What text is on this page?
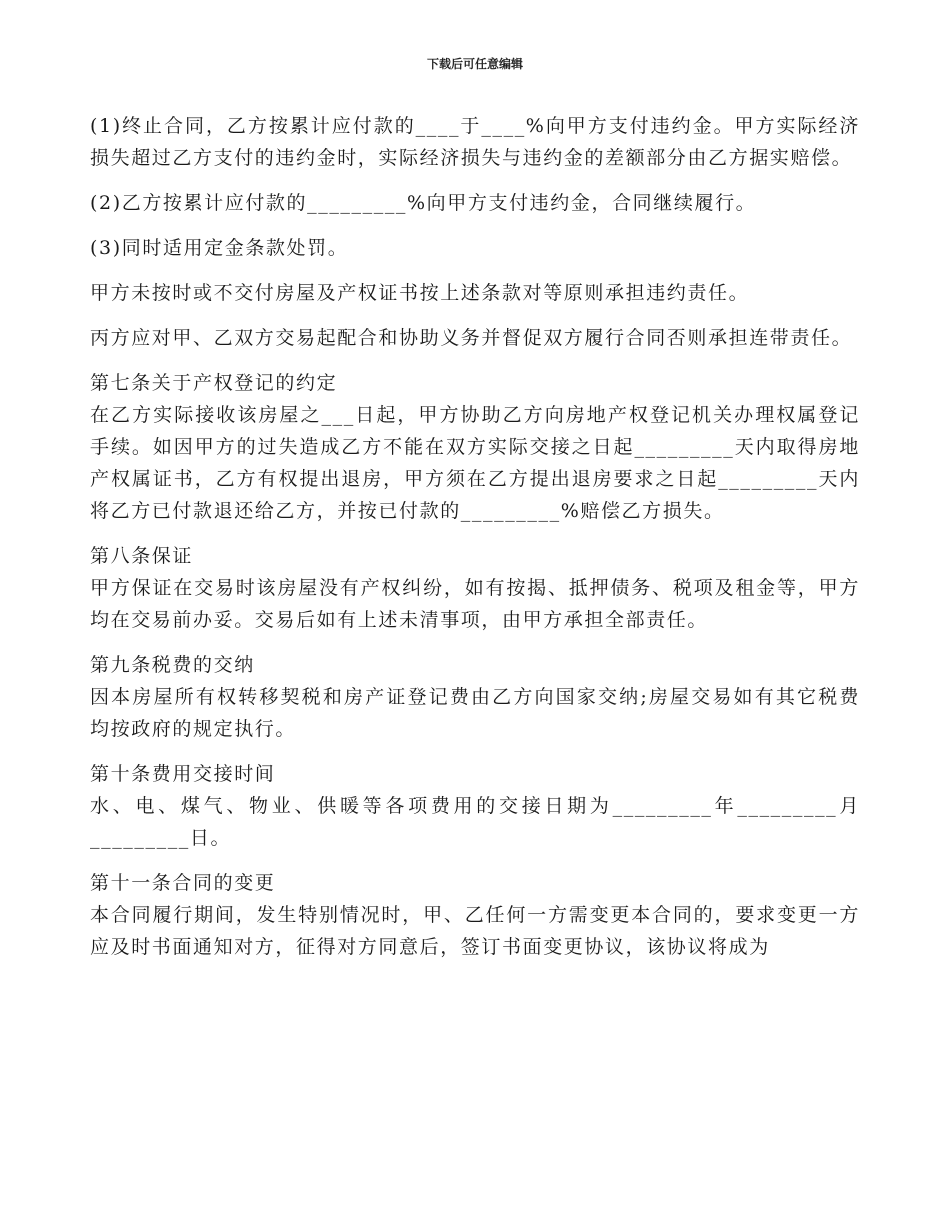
下载后可任意编辑

(1)终止合同，乙方按累计应付款的____于____%向甲方支付违约金。甲方实际经济损失超过乙方支付的违约金时，实际经济损失与违约金的差额部分由乙方据实赔偿。

(2)乙方按累计应付款的_________%向甲方支付违约金，合同继续履行。

(3)同时适用定金条款处罚。

甲方未按时或不交付房屋及产权证书按上述条款对等原则承担违约责任。

丙方应对甲、乙双方交易起配合和协助义务并督促双方履行合同否则承担连带责任。

第七条关于产权登记的约定

在乙方实际接收该房屋之___日起，甲方协助乙方向房地产权登记机关办理权属登记手续。如因甲方的过失造成乙方不能在双方实际交接之日起_________天内取得房地产权属证书，乙方有权提出退房，甲方须在乙方提出退房要求之日起_________天内将乙方已付款退还给乙方，并按已付款的_________%赔偿乙方损失。

第八条保证

甲方保证在交易时该房屋没有产权纠纷，如有按揭、抵押债务、税项及租金等，甲方均在交易前办妥。交易后如有上述未清事项，由甲方承担全部责任。

第九条税费的交纳

因本房屋所有权转移契税和房产证登记费由乙方向国家交纳;房屋交易如有其它税费均按政府的规定执行。

第十条费用交接时间

水、电、煤气、物业、供暖等各项费用的交接日期为_________年_________月_________日。

第十一条合同的变更

本合同履行期间，发生特别情况时，甲、乙任何一方需变更本合同的，要求变更一方应及时书面通知对方，征得对方同意后，签订书面变更协议，该协议将成为
